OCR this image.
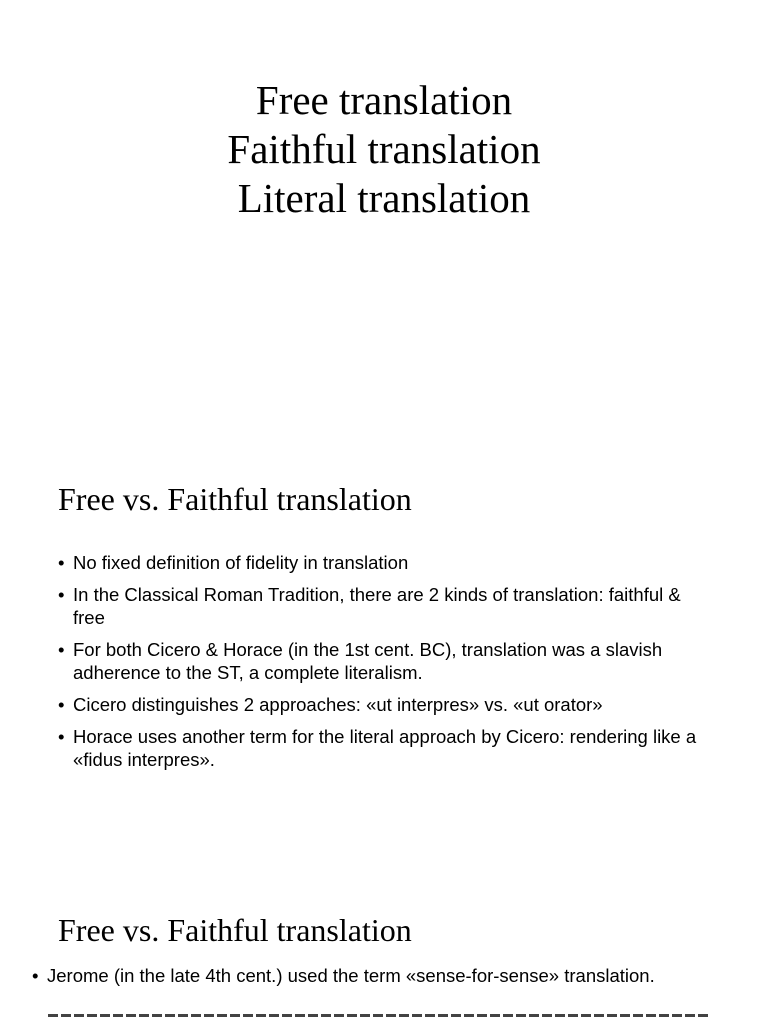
Free translation
Faithful translation
Literal translation
Free vs. Faithful translation
• No fixed definition of fidelity in translation
• In the Classical Roman Tradition, there are 2 kinds of translation: faithful & free
• For both Cicero & Horace (in the 1st cent. BC), translation was a slavish adherence to the ST, a complete literalism.
• Cicero distinguishes 2 approaches: «ut interpres» vs. «ut orator»
• Horace uses another term for the literal approach by Cicero: rendering like a «fidus interpres».
Free vs. Faithful translation
• Jerome (in the late 4th cent.) used the term «sense-for-sense» translation.
